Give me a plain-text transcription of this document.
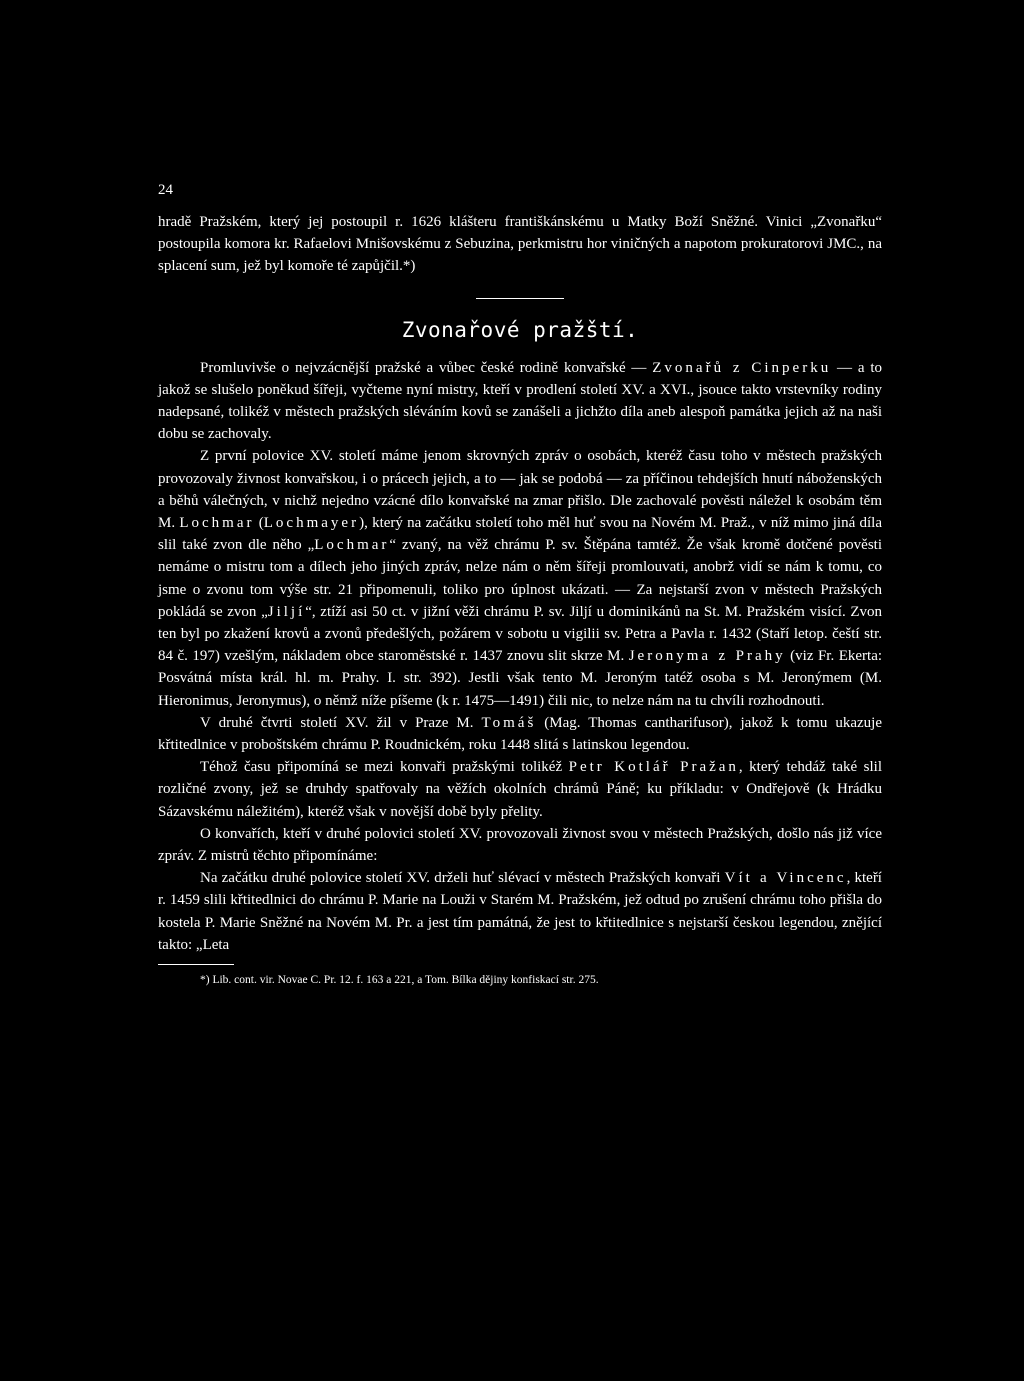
24

hradě Pražském, který jej postoupil r. 1626 klášteru františkánskému u Matky Boží Sněžné. Vinici „Zvonařku“ postoupila komora kr. Rafaelovi Mnišovskému z Sebuzina, perkmistru hor viničných a napotom prokuratorovi JMC., na splacení sum, jež byl komoře té zapůjčil.*)

Zvonařové pražští.

Promluvivše o nejvzácnější pražské a vůbec české rodině konvařské — Zvonařů z Cinperku — a to jakož se slušelo poněkud šířeji, vyčteme nyní mistry, kteří v prodlení století XV. a XVI., jsouce takto vrstevníky rodiny nadepsané, tolikéž v městech pražských sléváním kovů se zanášeli a jichžto díla aneb alespoň památka jejich až na naši dobu se zachovaly.

Z první polovice XV. století máme jenom skrovných zpráv o osobách, kteréž času toho v městech pražských provozovaly živnost konvařskou, i o prácech jejich, a to — jak se podobá — za příčinou tehdejších hnutí náboženských a běhů válečných, v nichž nejedno vzácné dílo konvařské na zmar přišlo. Dle zachovalé pověsti náležel k osobám těm M. Lochmar (Lochmayer), který na začátku století toho měl huť svou na Novém M. Praž., v níž mimo jiná díla slil také zvon dle něho „Lochmar“ zvaný, na věž chrámu P. sv. Štěpána tamtéž. Že však kromě dotčené pověsti nemáme o mistru tom a dílech jeho jiných zpráv, nelze nám o něm šířeji promlouvati, anobrž vidí se nám k tomu, co jsme o zvonu tom výše str. 21 připomenuli, toliko pro úplnost ukázati. — Za nejstarší zvon v městech Pražských pokládá se zvon „Jiljí“, ztíží asi 50 ct. v jižní věži chrámu P. sv. Jiljí u dominikánů na St. M. Pražském visící. Zvon ten byl po zkažení krovů a zvonů předešlých, požárem v sobotu u vigilii sv. Petra a Pavla r. 1432 (Staří letop. čeští str. 84 č. 197) vzešlým, nákladem obce staroměstské r. 1437 znovu slit skrze M. Jeronyma z Prahy (viz Fr. Ekerta: Posvátná místa král. hl. m. Prahy. I. str. 392). Jestli však tento M. Jeroným tatéž osoba s M. Jeronýmem (M. Hieronimus, Jeronymus), o němž níže píšeme (k r. 1475—1491) čili nic, to nelze nám na tu chvíli rozhodnouti.

V druhé čtvrti století XV. žil v Praze M. Tomáš (Mag. Thomas cantharifusor), jakož k tomu ukazuje křtitedlnice v proboštském chrámu P. Roudnickém, roku 1448 slitá s latinskou legendou.

Téhož času připomíná se mezi konvaři pražskými tolikéž Petr Kotlář Pražan, který tehdáž také slil rozličné zvony, jež se druhdy spatřovaly na věžích okolních chrámů Páně; ku příkladu: v Ondřejově (k Hrádku Sázavskému náležitém), kteréž však v novější době byly přelity.

O konvařích, kteří v druhé polovici století XV. provozovali živnost svou v městech Pražských, došlo nás již více zpráv. Z mistrů těchto připomínáme:

Na začátku druhé polovice století XV. drželi huť slévací v městech Pražských konvaři Vít a Vincenc, kteří r. 1459 slili křtitedlnici do chrámu P. Marie na Louži v Starém M. Pražském, jež odtud po zrušení chrámu toho přišla do kostela P. Marie Sněžné na Novém M. Pr. a jest tím památná, že jest to křtitedlnice s nejstarší českou legendou, znějící takto: „Leta

*) Lib. cont. vir. Novae C. Pr. 12. f. 163 a 221, a Tom. Bílka dějiny konfiskací str. 275.
